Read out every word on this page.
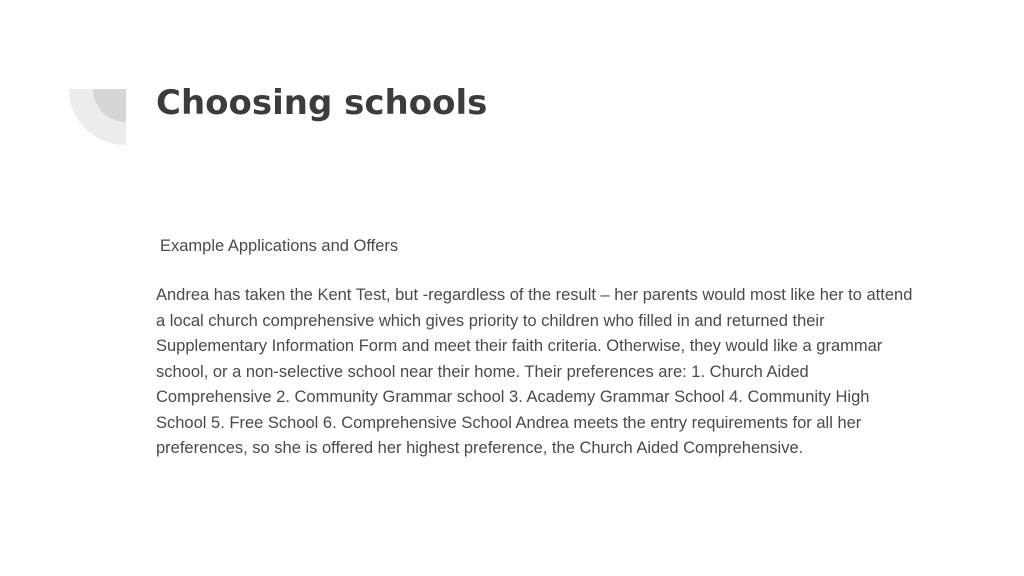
Choosing schools

Example Applications and Offers

Andrea has taken the Kent Test, but -regardless of the result – her parents would most like her to attend a local church comprehensive which gives priority to children who filled in and returned their Supplementary Information Form and meet their faith criteria. Otherwise, they would like a grammar school, or a non-selective school near their home. Their preferences are: 1. Church Aided Comprehensive 2. Community Grammar school 3. Academy Grammar School 4. Community High School 5. Free School 6. Comprehensive School Andrea meets the entry requirements for all her preferences, so she is offered her highest preference, the Church Aided Comprehensive.
